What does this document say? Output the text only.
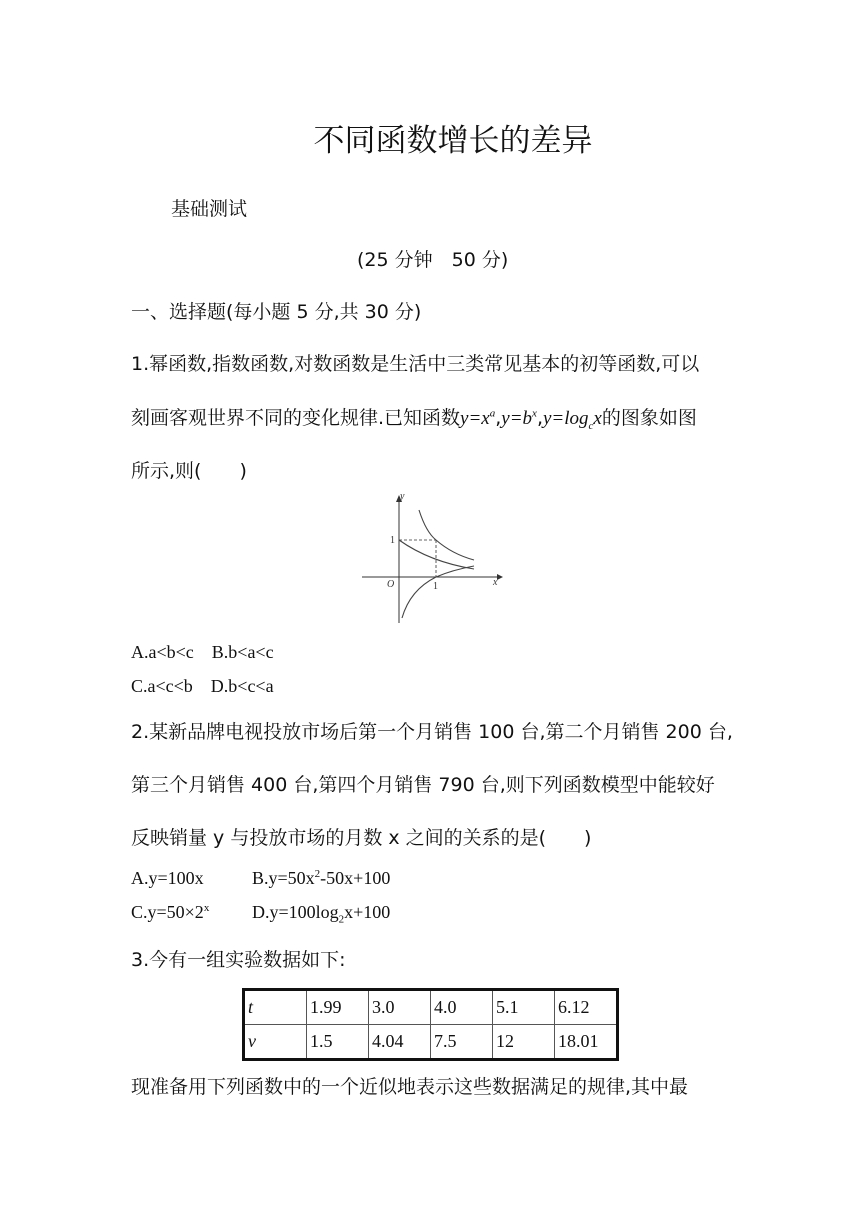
不同函数增长的差异
基础测试
(25 分钟　50 分)
一、选择题(每小题 5 分,共 30 分)
1.幂函数,指数函数,对数函数是生活中三类常见基本的初等函数,可以
刻画客观世界不同的变化规律.已知函数$y=x^a,y=b^x,y=\log_cx$的图象如图
所示,则(　　)
y
x
O
1
1
A.a<b<c B.b<a<c
C.a<c<b D.b<c<a
2.某新品牌电视投放市场后第一个月销售 100 台,第二个月销售 200 台,
第三个月销售 400 台,第四个月销售 790 台,则下列函数模型中能较好
反映销量 y 与投放市场的月数 x 之间的关系的是(　　)
A.y=100x	$B.y=50x^2-50x+100$
$C.y=50\times 2^x$ $D.y=100\log_2x+100$
3.今有一组实验数据如下:
t	1.99	3.0	4.0	5.1	6.12
v	1.5	4.04	7.5	12	18.01
现准备用下列函数中的一个近似地表示这些数据满足的规律,其中最
